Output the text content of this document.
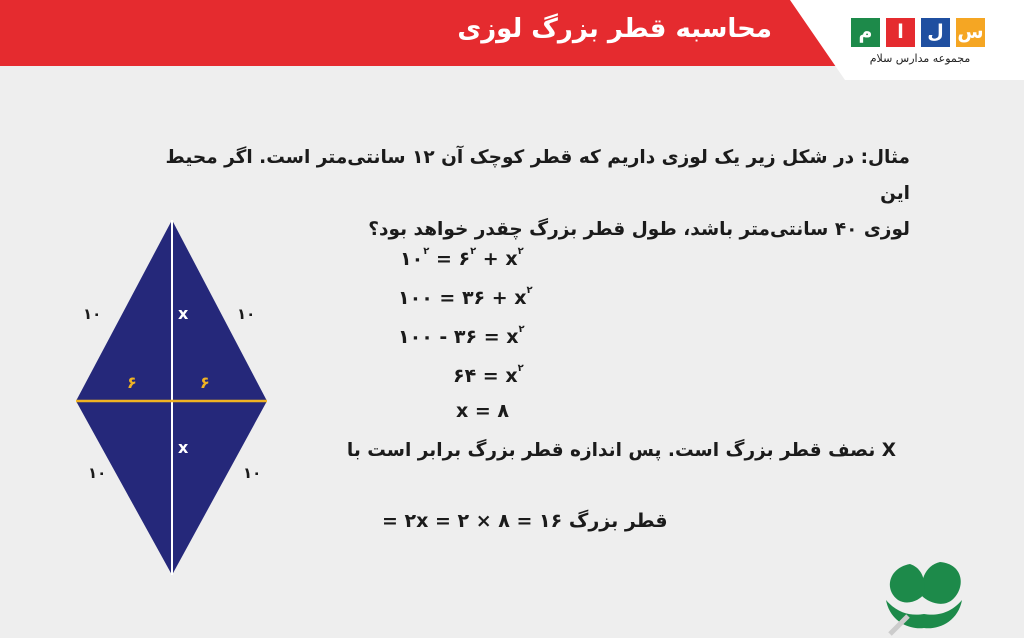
محاسبه قطر بزرگ لوزی	س
ل
ا
م
مجموعه مدارس سلام
مثال: در شکل زیر یک لوزی داریم که قطر کوچک آن ۱۲ سانتی‌متر است. اگر محیط این
لوزی ۴۰ سانتی‌متر باشد، طول قطر بزرگ چقدر خواهد بود؟
۱۰	۱۰
۱۰	۱۰
x
x
۶	۶
$۱۰^۲$ = $۶^۲ + x^۲$
۱۰۰ = ۳۶ + $x^۲$
۱۰۰ - ۳۶ = $x^۲$
۶۴ = $x^۲$
x = ۸
X نصف قطر بزرگ است. پس اندازه قطر بزرگ برابر است با
قطر بزرگ = ۲x = ۲ × ۸ = ۱۶
